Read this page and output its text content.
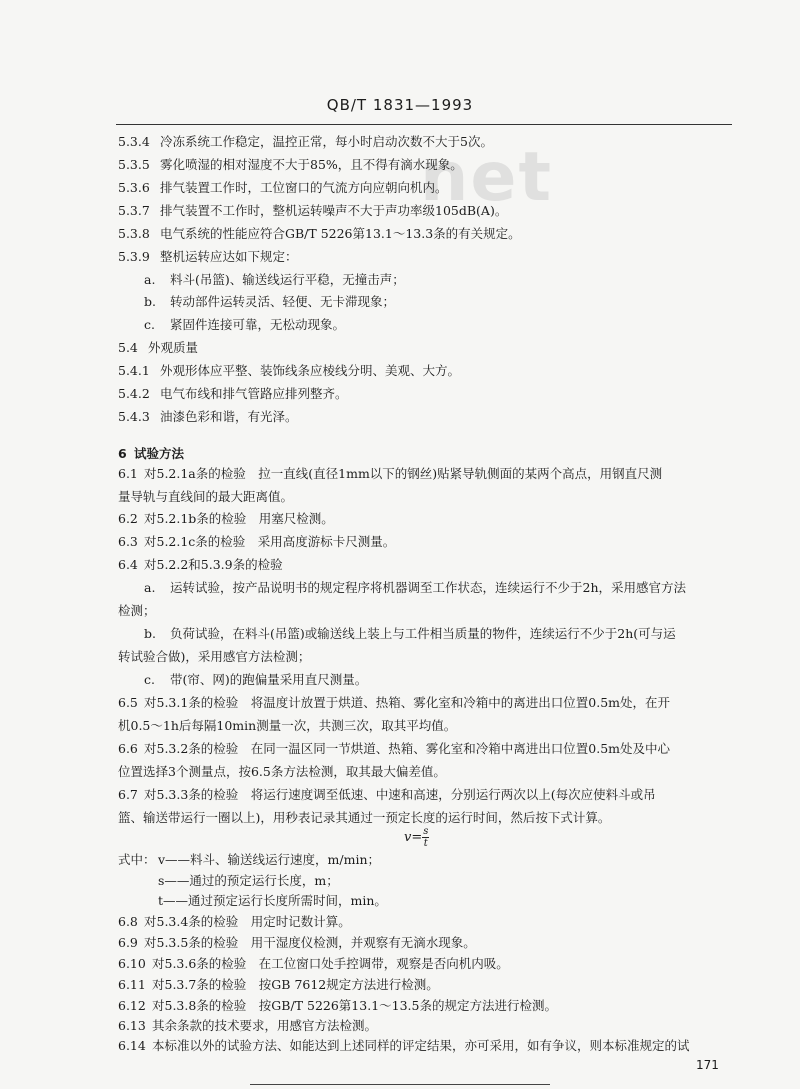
QB/T 1831—1993
net
5.3.4 冷冻系统工作稳定，温控正常，每小时启动次数不大于5次。
5.3.5 雾化喷湿的相对湿度不大于85%，且不得有滴水现象。
5.3.6 排气装置工作时，工位窗口的气流方向应朝向机内。
5.3.7 排气装置不工作时，整机运转噪声不大于声功率级105dB(A)。
5.3.8 电气系统的性能应符合GB/T 5226第13.1～13.3条的有关规定。
5.3.9 整机运转应达如下规定：
a. 料斗(吊篮)、输送线运行平稳，无撞击声；
b. 转动部件运转灵活、轻便、无卡滞现象；
c. 紧固件连接可靠，无松动现象。
5.4 外观质量
5.4.1 外观形体应平整、装饰线条应棱线分明、美观、大方。
5.4.2 电气布线和排气管路应排列整齐。
5.4.3 油漆色彩和谐，有光泽。
6 试验方法
6.1 对5.2.1a条的检验　拉一直线(直径1mm以下的钢丝)贴紧导轨侧面的某两个高点，用钢直尺测
量导轨与直线间的最大距离值。
6.2 对5.2.1b条的检验　用塞尺检测。
6.3 对5.2.1c条的检验　采用高度游标卡尺测量。
6.4 对5.2.2和5.3.9条的检验
a. 运转试验，按产品说明书的规定程序将机器调至工作状态，连续运行不少于2h，采用感官方法
检测；
b. 负荷试验，在料斗(吊篮)或输送线上装上与工件相当质量的物件，连续运行不少于2h(可与运
转试验合做)，采用感官方法检测；
c. 带(帘、网)的跑偏量采用直尺测量。
6.5 对5.3.1条的检验　将温度计放置于烘道、热箱、雾化室和冷箱中的离进出口位置0.5m处，在开
机0.5～1h后每隔10min测量一次，共测三次，取其平均值。
6.6 对5.3.2条的检验　在同一温区同一节烘道、热箱、雾化室和冷箱中离进出口位置0.5m处及中心
位置选择3个测量点，按6.5条方法检测，取其最大偏差值。
6.7 对5.3.3条的检验　将运行速度调至低速、中速和高速，分别运行两次以上(每次应使料斗或吊
篮、输送带运行一圈以上)，用秒表记录其通过一预定长度的运行时间，然后按下式计算。
式中： v——料斗、输送线运行速度，m/min；
s——通过的预定运行长度，m；
t——通过预定运行长度所需时间，min。
6.8 对5.3.4条的检验　用定时记数计算。
6.9 对5.3.5条的检验　用干湿度仪检测，并观察有无滴水现象。
6.10 对5.3.6条的检验　在工位窗口处手控调带，观察是否向机内吸。
6.11 对5.3.7条的检验　按GB 7612规定方法进行检测。
6.12 对5.3.8条的检验　按GB/T 5226第13.1～13.5条的规定方法进行检测。
6.13 其余条款的技术要求，用感官方法检测。
6.14 本标准以外的试验方法、如能达到上述同样的评定结果，亦可采用，如有争议，则本标准规定的试
$v= \frac{s}{t}$
171
